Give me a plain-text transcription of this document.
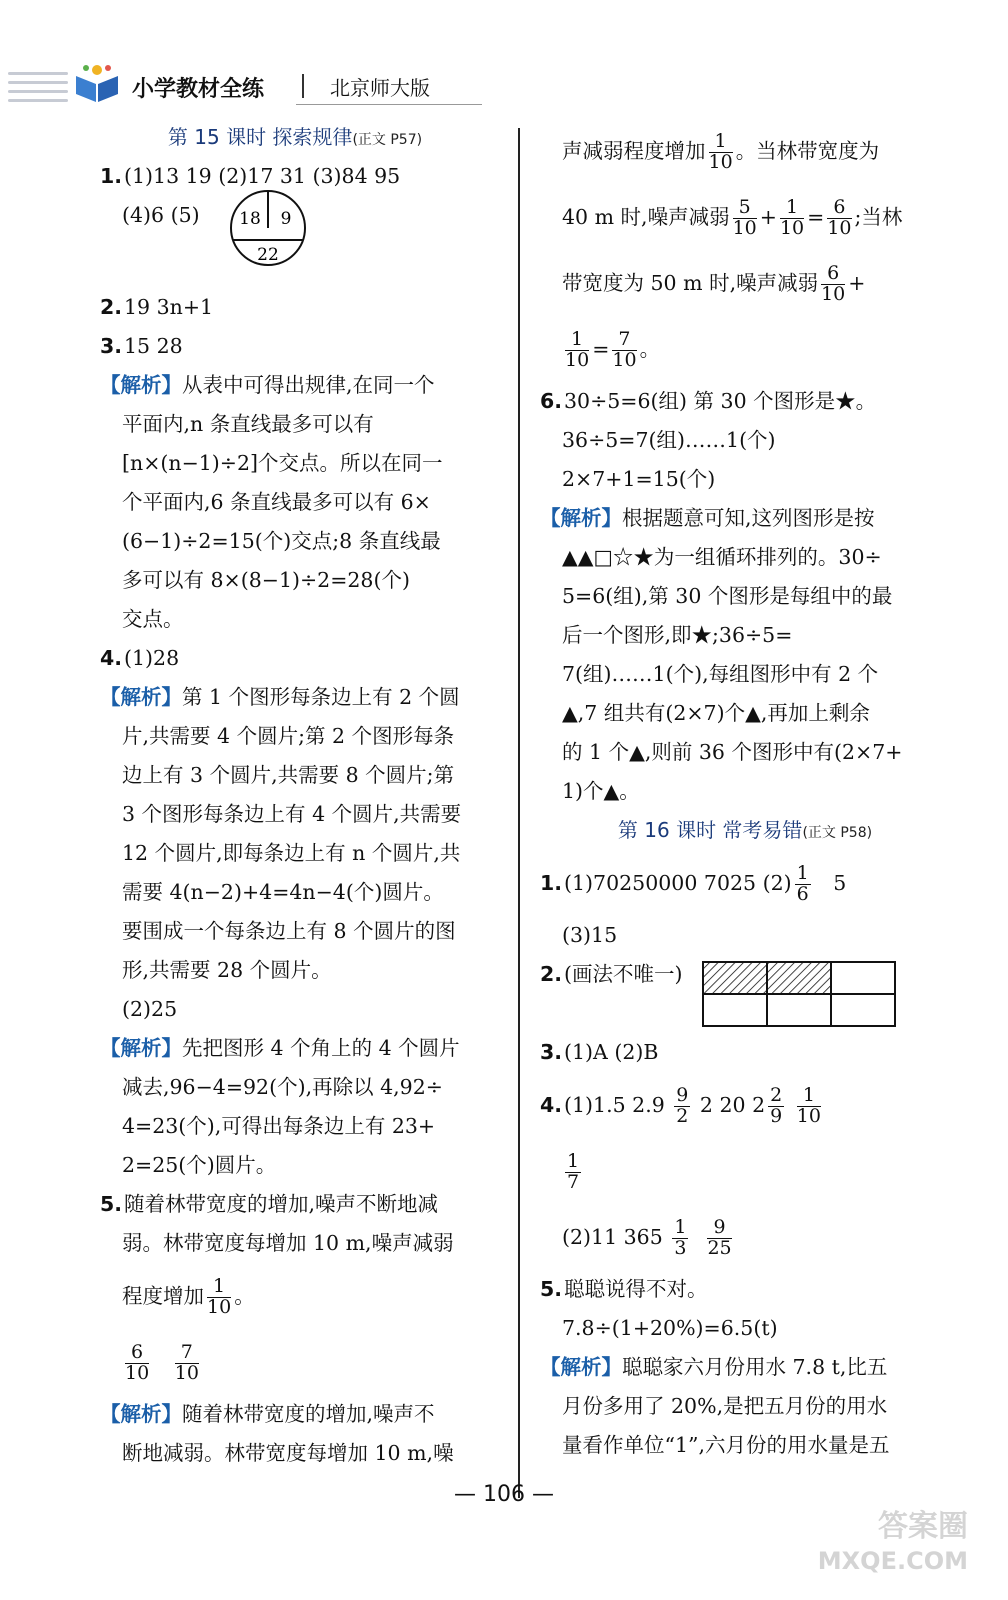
小学教材全练	北京师大版
第 15 课时 探索规律(正文 P57)
1.(1)13 19 (2)17 31 (3)84 95
(4)6 (5) 18 9
22
2.19 3n+1
3.15 28
【解析】从表中可得出规律,在同一个
平面内,n 条直线最多可以有
[n×(n−1)÷2]个交点。所以在同一
个平面内,6 条直线最多可以有 6×
(6−1)÷2=15(个)交点;8 条直线最
多可以有 8×(8−1)÷2=28(个)
交点。
4.(1)28
【解析】第 1 个图形每条边上有 2 个圆
片,共需要 4 个圆片;第 2 个图形每条
边上有 3 个圆片,共需要 8 个圆片;第
3 个图形每条边上有 4 个圆片,共需要
12 个圆片,即每条边上有 n 个圆片,共
需要 4(n−2)+4=4n−4(个)圆片。
要围成一个每条边上有 8 个圆片的图
形,共需要 28 个圆片。
(2)25
【解析】先把图形 4 个角上的 4 个圆片
减去,96−4=92(个),再除以 4,92÷
4=23(个),可得出每条边上有 23+
2=25(个)圆片。
5.随着林带宽度的增加,噪声不断地减
弱。林带宽度每增加 10 m,噪声减弱
程度增加 $\frac{1}{10}$ 。
$\frac{6}{10}$
$\frac{7}{10}$
【解析】随着林带宽度的增加,噪声不
断地减弱。林带宽度每增加 10 m,噪
声减弱程度增加 $\frac{1}{10}$ 。当林带宽度为
40 m 时,噪声减弱 $\frac{5}{10} + \frac{1}{10} = \frac{6}{10}$ ;当林
带宽度为 50 m 时,噪声减弱 $\frac{6}{10}$ +
$\frac{1}{10} = \frac{7}{10}$ 。
6.30÷5=6(组) 第 30 个图形是★。
36÷5=7(组)……1(个)
2×7+1=15(个)
【解析】根据题意可知,这列图形是按
▲▲□☆★为一组循环排列的。30÷
5=6(组),第 30 个图形是每组中的最
后一个图形,即★;36÷5=
7(组)……1(个),每组图形中有 2 个
▲,7 组共有(2×7)个▲,再加上剩余
的 1 个▲,则前 36 个图形中有(2×7+
1)个▲。
第 16 课时 常考易错(正文 P58)
1.(1)70250000 7025 $(2) \frac{1}{6} 5$
(3)15
2.(画法不唯一)
3.(1)A (2)B
4.(1)1.5 $2.9 \frac{9}{2} 2$ 20 $2 \frac{2}{9}$
$\frac{1}{10}$
$\frac{1}{7}$
(2)11 $365 \frac{1}{3}$
$\frac{9}{25}$
5.聪聪说得不对。
7.8÷(1+20%)=6.5(t)
【解析】聪聪家六月份用水 7.8 t,比五
月份多用了 20%,是把五月份的用水
量看作单位“1”,六月份的用水量是五
— 106 —
答案圈
MXQE.COM
